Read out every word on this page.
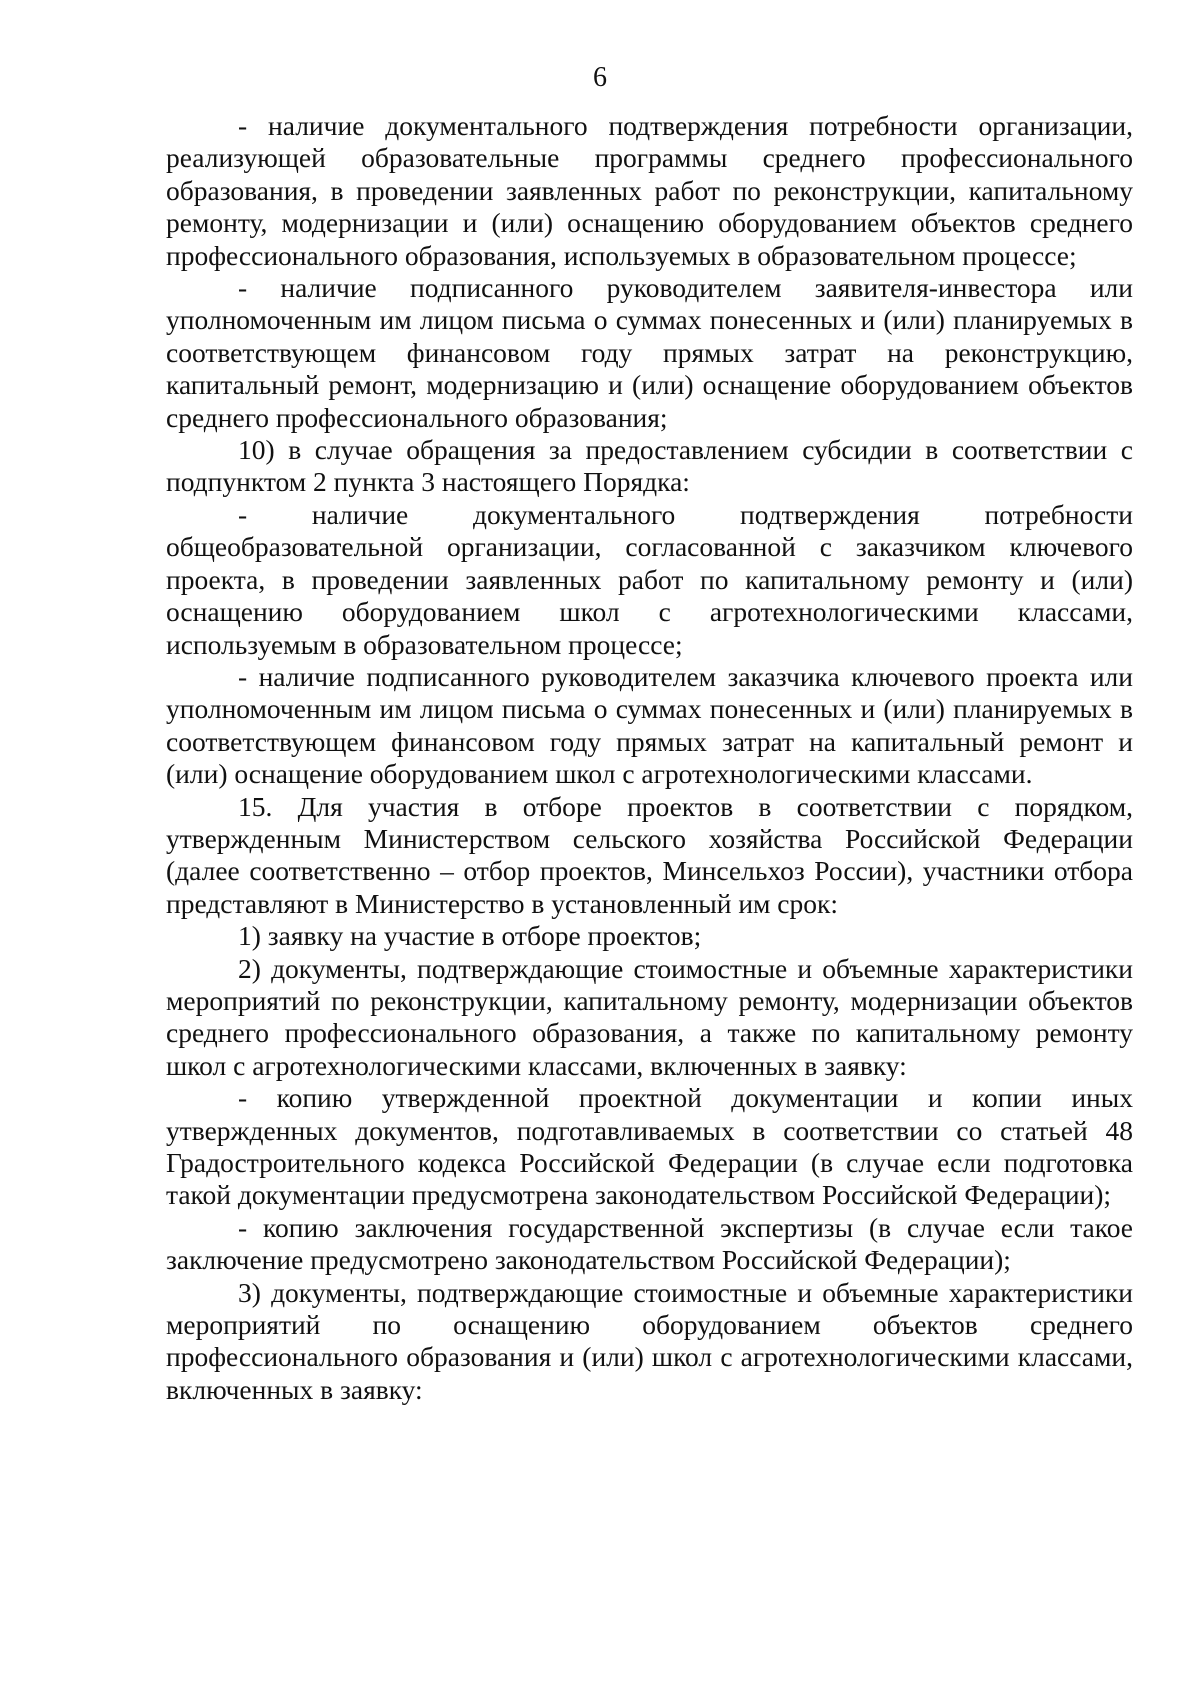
6

- наличие документального подтверждения потребности организации, реализующей образовательные программы среднего профессионального образования, в проведении заявленных работ по реконструкции, капитальному ремонту, модернизации и (или) оснащению оборудованием объектов среднего профессионального образования, используемых в образовательном процессе;

- наличие подписанного руководителем заявителя-инвестора или уполномоченным им лицом письма о суммах понесенных и (или) планируемых в соответствующем финансовом году прямых затрат на реконструкцию, капитальный ремонт, модернизацию и (или) оснащение оборудованием объектов среднего профессионального образования;

10) в случае обращения за предоставлением субсидии в соответствии с подпунктом 2 пункта 3 настоящего Порядка:

- наличие документального подтверждения потребности общеобразовательной организации, согласованной с заказчиком ключевого проекта, в проведении заявленных работ по капитальному ремонту и (или) оснащению оборудованием школ с агротехнологическими классами, используемым в образовательном процессе;

- наличие подписанного руководителем заказчика ключевого проекта или уполномоченным им лицом письма о суммах понесенных и (или) планируемых в соответствующем финансовом году прямых затрат на капитальный ремонт и (или) оснащение оборудованием школ с агротехнологическими классами.

15. Для участия в отборе проектов в соответствии с порядком, утвержденным Министерством сельского хозяйства Российской Федерации (далее соответственно – отбор проектов, Минсельхоз России), участники отбора представляют в Министерство в установленный им срок:

1) заявку на участие в отборе проектов;

2) документы, подтверждающие стоимостные и объемные характеристики мероприятий по реконструкции, капитальному ремонту, модернизации объектов среднего профессионального образования, а также по капитальному ремонту школ с агротехнологическими классами, включенных в заявку:

- копию утвержденной проектной документации и копии иных утвержденных документов, подготавливаемых в соответствии со статьей 48 Градостроительного кодекса Российской Федерации (в случае если подготовка такой документации предусмотрена законодательством Российской Федерации);

- копию заключения государственной экспертизы (в случае если такое заключение предусмотрено законодательством Российской Федерации);

3) документы, подтверждающие стоимостные и объемные характеристики мероприятий по оснащению оборудованием объектов среднего профессионального образования и (или) школ с агротехнологическими классами, включенных в заявку:
